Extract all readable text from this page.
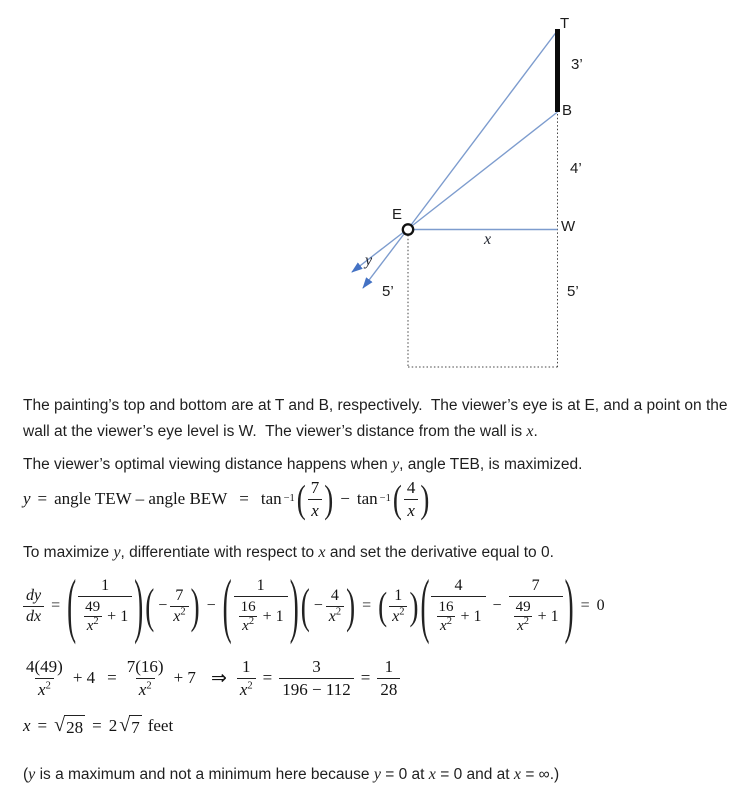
T
3’
B
4’
E
W
x
y
5’	5’

The painting’s top and bottom are at T and B, respectively.  The viewer’s eye is at E, and a point on the wall at the viewer’s eye level is W.  The viewer’s distance from the wall is x.

The viewer’s optimal viewing distance happens when y, angle TEB, is maximized.

y = angle TEW – angle BEW = tan −1 ( $\frac{7}{x}$ ) − tan −1 ( $\frac{4}{x}$ )

To maximize y, differentiate with respect to x and set the derivative equal to 0.

$\frac{dy}{dx}$ = ( $\frac{1}{\frac{49}{x^2} + 1}$ ) ( − $\frac{7}{x^2}$ ) − ( $\frac{1}{\frac{16}{x^2} + 1}$ ) ( − $\frac{4}{x^2}$ ) = ( $\frac{1}{x^2}$ ) ( $\frac{4}{\frac{16}{x^2} + 1} - \frac{7}{\frac{49}{x^2} + 1}$ ) = 0
$\frac{4(49)}{x^2} + 4 = \frac{7(16)}{x^2} + 7$ ⇒ $\frac{1}{x^2} = \frac{3}{196 - 112} = \frac{1}{28}$
x = √ 28 = 2 √ 7 feet

(y is a maximum and not a minimum here because y = 0 at x = 0 and at x = ∞.)
